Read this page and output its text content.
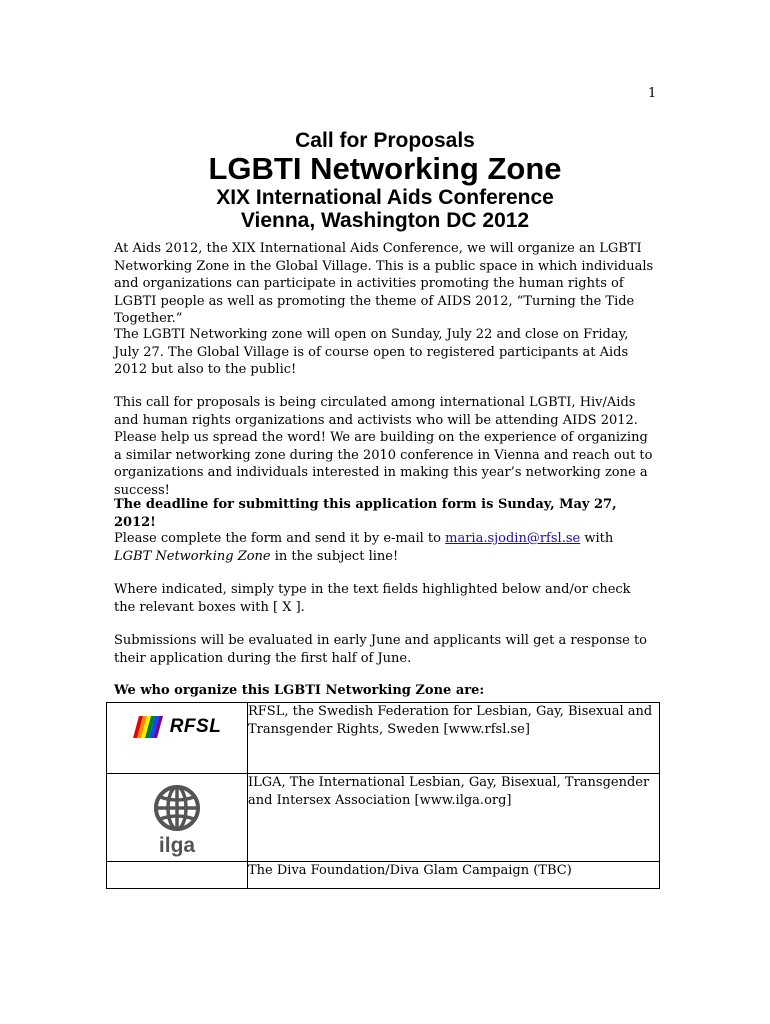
1
Call for Proposals
LGBTI Networking Zone
XIX International Aids Conference
Vienna, Washington DC 2012
At Aids 2012, the XIX International Aids Conference, we will organize an LGBTI Networking Zone in the Global Village. This is a public space in which individuals and organizations can participate in activities promoting the human rights of LGBTI people as well as promoting the theme of AIDS 2012, “Turning the Tide Together.”
The LGBTI Networking zone will open on Sunday, July 22 and close on Friday, July 27. The Global Village is of course open to registered participants at Aids 2012 but also to the public!
This call for proposals is being circulated among international LGBTI, Hiv/Aids and human rights organizations and activists who will be attending AIDS 2012. Please help us spread the word! We are building on the experience of organizing a similar networking zone during the 2010 conference in Vienna and reach out to organizations and individuals interested in making this year’s networking zone a success!
The deadline for submitting this application form is Sunday, May 27, 2012!
Please complete the form and send it by e-mail to maria.sjodin@rfsl.se with LGBT Networking Zone in the subject line!
Where indicated, simply type in the text fields highlighted below and/or check the relevant boxes with [ X ].
Submissions will be evaluated in early June and applicants will get a response to their application during the first half of June.
We who organize this LGBTI Networking Zone are:
RFSL	RFSL, the Swedish Federation for Lesbian, Gay, Bisexual and Transgender Rights, Sweden [www.rfsl.se]

ilga	ILGA, The International Lesbian, Gay, Bisexual, Transgender and Intersex Association [www.ilga.org]
	The Diva Foundation/Diva Glam Campaign (TBC)
